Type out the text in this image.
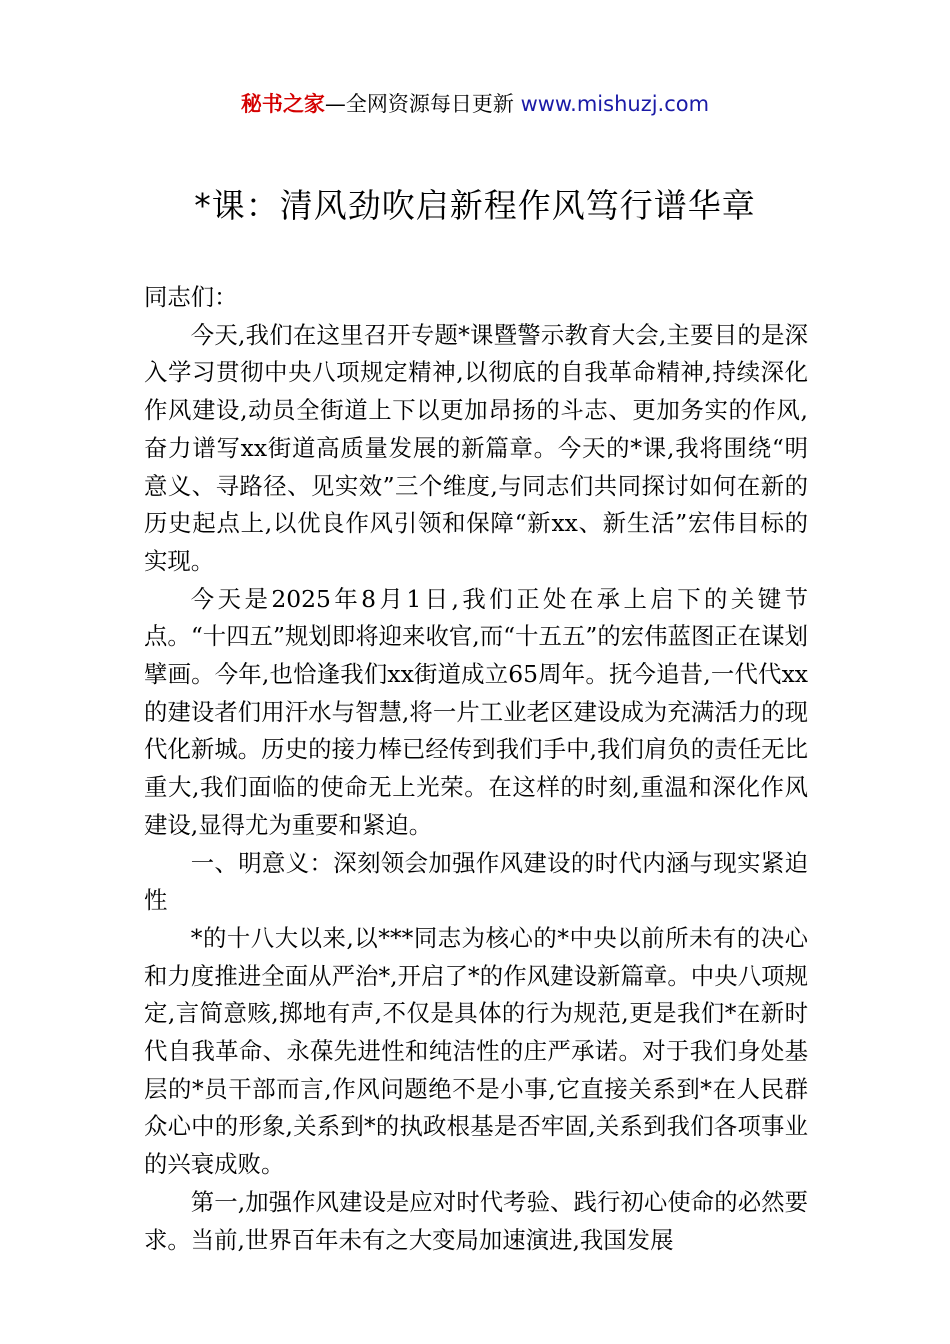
秘书之家—全网资源每日更新 www.mishuzj.com
*课：清风劲吹启新程作风笃行谱华章

同志们：

今天,我们在这里召开专题*课暨警示教育大会,主要目的是深入学习贯彻中央八项规定精神,以彻底的自我革命精神,持续深化作风建设,动员全街道上下以更加昂扬的斗志、更加务实的作风,奋力谱写xx街道高质量发展的新篇章。今天的*课,我将围绕“明意义、寻路径、见实效”三个维度,与同志们共同探讨如何在新的历史起点上,以优良作风引领和保障“新xx、新生活”宏伟目标的实现。

今天是2025年8月1日,我们正处在承上启下的关键节点。“十四五”规划即将迎来收官,而“十五五”的宏伟蓝图正在谋划擘画。今年,也恰逢我们xx街道成立65周年。抚今追昔,一代代xx的建设者们用汗水与智慧,将一片工业老区建设成为充满活力的现代化新城。历史的接力棒已经传到我们手中,我们肩负的责任无比重大,我们面临的使命无上光荣。在这样的时刻,重温和深化作风建设,显得尤为重要和紧迫。

一、明意义：深刻领会加强作风建设的时代内涵与现实紧迫性

*的十八大以来,以***同志为核心的*中央以前所未有的决心和力度推进全面从严治*,开启了*的作风建设新篇章。中央八项规定,言简意赅,掷地有声,不仅是具体的行为规范,更是我们*在新时代自我革命、永葆先进性和纯洁性的庄严承诺。对于我们身处基层的*员干部而言,作风问题绝不是小事,它直接关系到*在人民群众心中的形象,关系到*的执政根基是否牢固,关系到我们各项事业的兴衰成败。

第一,加强作风建设是应对时代考验、践行初心使命的必然要求。当前,世界百年未有之大变局加速演进,我国发展
